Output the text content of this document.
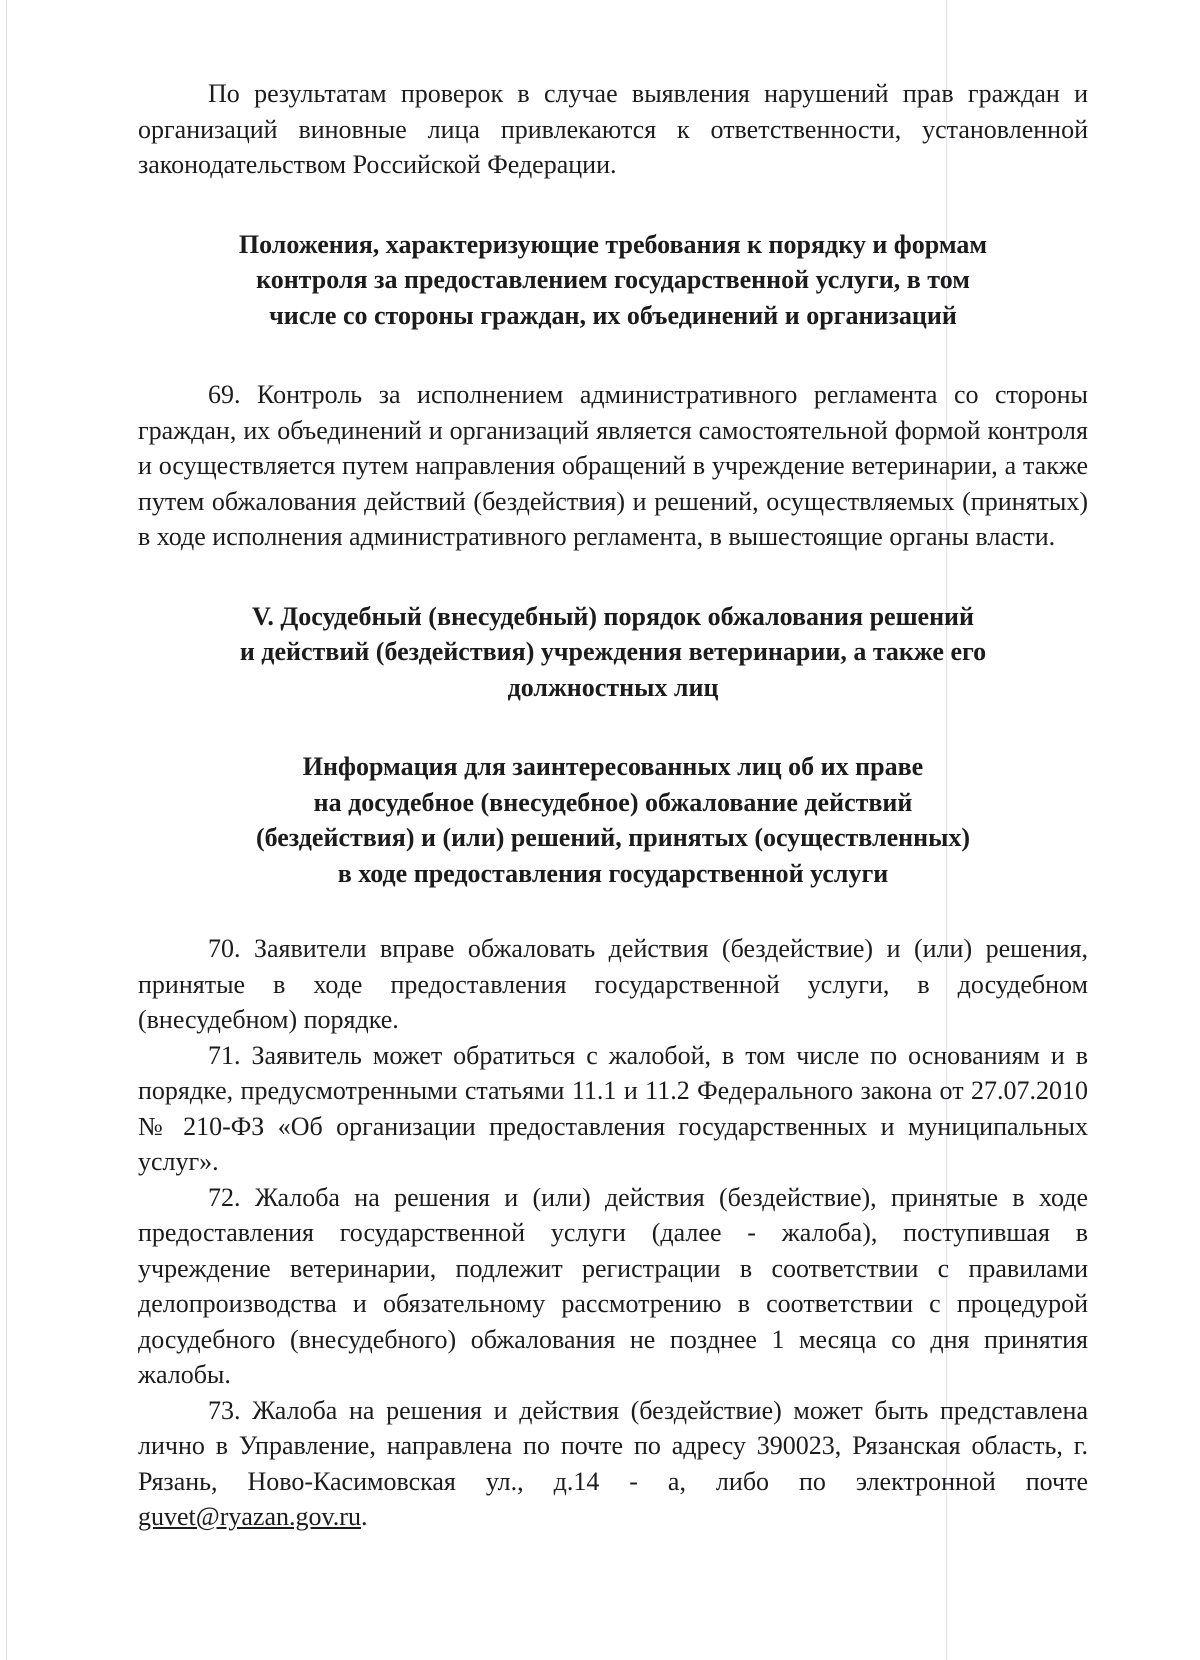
По результатам проверок в случае выявления нарушений прав граждан и организаций виновные лица привлекаются к ответственности, установленной законодательством Российской Федерации.

Положения, характеризующие требования к порядку и формам
контроля за предоставлением государственной услуги, в том
числе со стороны граждан, их объединений и организаций

69. Контроль за исполнением административного регламента со стороны граждан, их объединений и организаций является самостоятельной формой контроля и осуществляется путем направления обращений в учреждение ветеринарии, а также путем обжалования действий (бездействия) и решений, осуществляемых (принятых) в ходе исполнения административного регламента, в вышестоящие органы власти.

V. Досудебный (внесудебный) порядок обжалования решений
и действий (бездействия) учреждения ветеринарии, а также его
должностных лиц
Информация для заинтересованных лиц об их праве
на досудебное (внесудебное) обжалование действий
(бездействия) и (или) решений, принятых (осуществленных)
в ходе предоставления государственной услуги

70. Заявители вправе обжаловать действия (бездействие) и (или) решения, принятые в ходе предоставления государственной услуги, в досудебном (внесудебном) порядке.

71. Заявитель может обратиться с жалобой, в том числе по основаниям и в порядке, предусмотренными статьями 11.1 и 11.2 Федерального закона от 27.07.2010 № 210-ФЗ «Об организации предоставления государственных и муниципальных услуг».

72. Жалоба на решения и (или) действия (бездействие), принятые в ходе предоставления государственной услуги (далее - жалоба), поступившая в учреждение ветеринарии, подлежит регистрации в соответствии с правилами делопроизводства и обязательному рассмотрению в соответствии с процедурой досудебного (внесудебного) обжалования не позднее 1 месяца со дня принятия жалобы.

73. Жалоба на решения и действия (бездействие) может быть представлена лично в Управление, направлена по почте по адресу 390023, Рязанская область, г. Рязань, Ново-Касимовская ул., д.14 - а, либо по электронной почте guvet@ryazan.gov.ru.
